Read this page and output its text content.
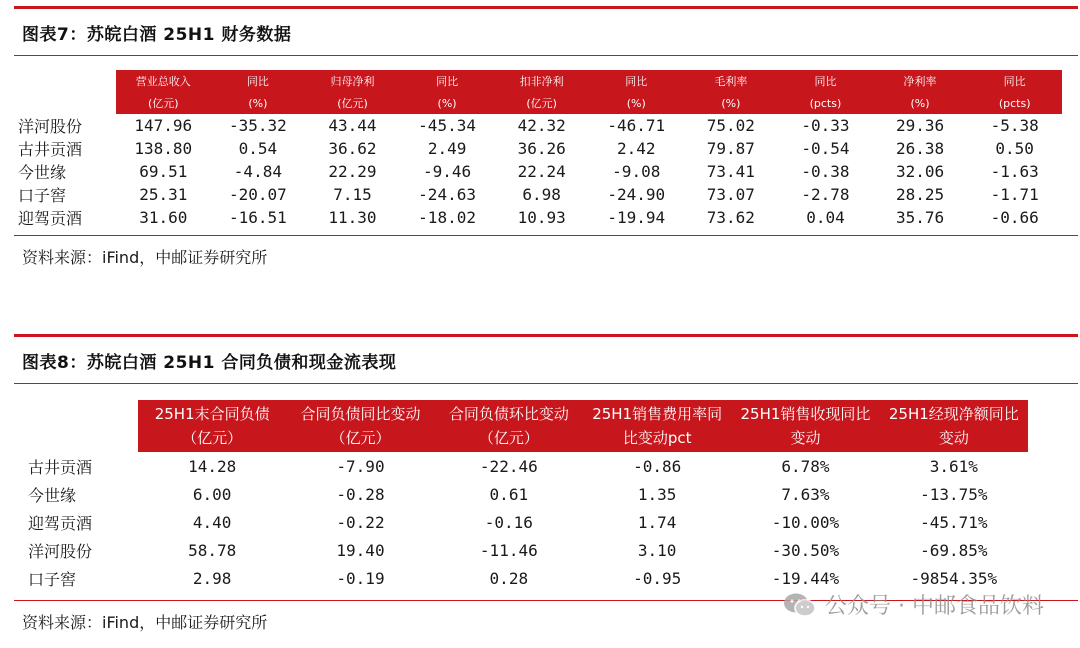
图表7：苏皖白酒 25H1 财务数据
	营业总收入	同比	归母净利	同比	扣非净利	同比	毛利率	同比	净利率	同比
	(亿元)	(%)	(亿元)	(%)	(亿元)	(%)	(%)	(pcts)	(%)	(pcts)
洋河股份	147.96	-35.32	43.44	-45.34	42.32	-46.71	75.02	-0.33	29.36	-5.38
古井贡酒	138.80	0.54	36.62	2.49	36.26	2.42	79.87	-0.54	26.38	0.50
今世缘	69.51	-4.84	22.29	-9.46	22.24	-9.08	73.41	-0.38	32.06	-1.63
口子窖	25.31	-20.07	7.15	-24.63	6.98	-24.90	73.07	-2.78	28.25	-1.71
迎驾贡酒	31.60	-16.51	11.30	-18.02	10.93	-19.94	73.62	0.04	35.76	-0.66
资料来源：iFind，中邮证券研究所
图表8：苏皖白酒 25H1 合同负债和现金流表现
	25H1末合同负债（亿元）	合同负债同比变动（亿元）	合同负债环比变动（亿元）	25H1销售费用率同比变动pct	25H1销售收现同比变动	25H1经现净额同比变动
古井贡酒	14.28	-7.90	-22.46	-0.86	6.78%	3.61%
今世缘	6.00	-0.28	0.61	1.35	7.63%	-13.75%
迎驾贡酒	4.40	-0.22	-0.16	1.74	-10.00%	-45.71%
洋河股份	58.78	19.40	-11.46	3.10	-30.50%	-69.85%
口子窖	2.98	-0.19	0.28	-0.95	-19.44%	-9854.35%
资料来源：iFind，中邮证券研究所
公众号 · 中邮食品饮料
